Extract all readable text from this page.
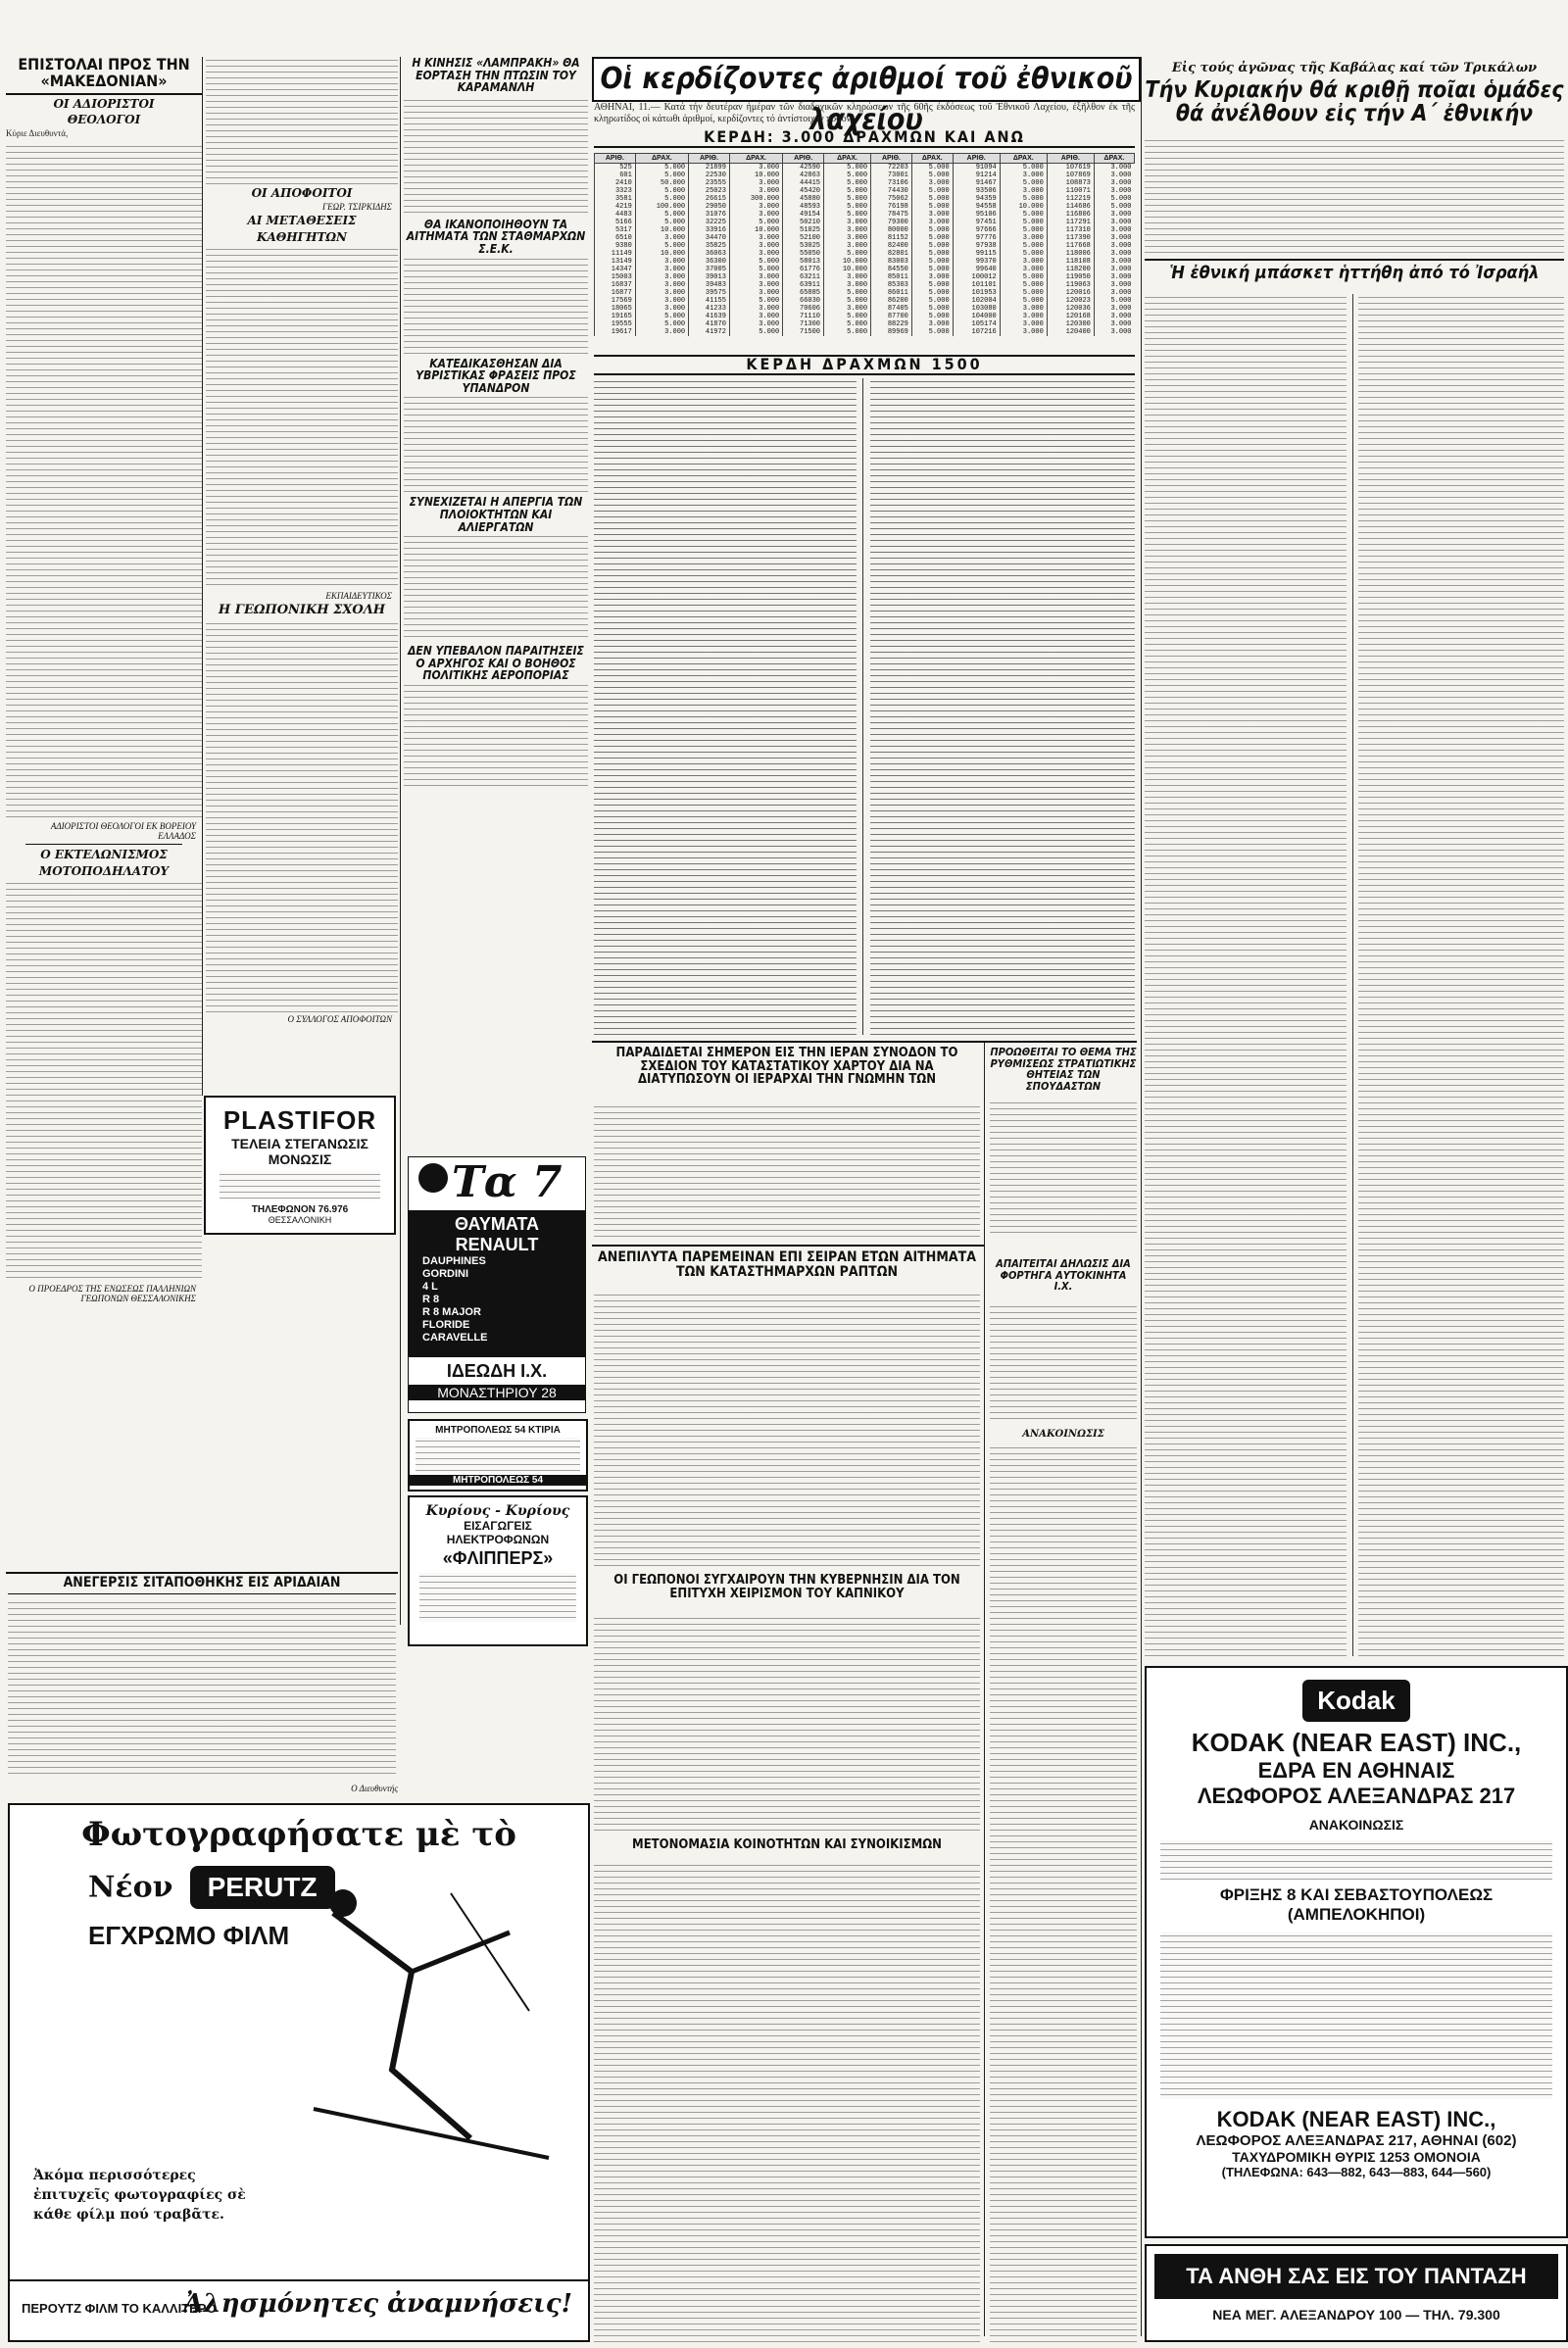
ΕΠΙΣΤΟΛΑΙ ΠΡΟΣ ΤΗΝ «ΜΑΚΕΔΟΝΙΑΝ»
ΟΙ ΑΔΙΟΡΙΣΤΟΙ
ΘΕΟΛΟΓΟΙ
Κύριε Διευθυντά,
ΑΔΙΟΡΙΣΤΟΙ ΘΕΟΛΟΓΟΙ ΕΚ ΒΟΡΕΙΟΥ ΕΛΛΑΔΟΣ
Ο ΕΚΤΕΛΩΝΙΣΜΟΣ
ΜΟΤΟΠΟΔΗΛΑΤΟΥ
Ο ΠΡΟΕΔΡΟΣ ΤΗΣ ΕΝΩΣΕΩΣ ΠΑΛΛΗΝΙΩΝ ΓΕΩΠΟΝΩΝ ΘΕΣΣΑΛΟΝΙΚΗΣ
PLASTIFOR
ΤΕΛΕΙΑ ΣΤΕΓΑΝΩΣΙΣ
ΜΟΝΩΣΙΣ
ΤΗΛΕΦΩΝΟΝ 76.976
ΘΕΣΣΑΛΟΝΙΚΗ
ΟΙ ΑΠΟΦΟΙΤΟΙ
ΓΕΩΡ. ΤΣΙΡΚΙΔΗΣ
ΑΙ ΜΕΤΑΘΕΣΕΙΣ
ΚΑΘΗΓΗΤΩΝ
ΕΚΠΑΙΔΕΥΤΙΚΟΣ
Η ΓΕΩΠΟΝΙΚΗ ΣΧΟΛΗ
Ο ΣΥΛΛΟΓΟΣ ΑΠΟΦΟΙΤΩΝ
Η ΚΙΝΗΣΙΣ «ΛΑΜΠΡΑΚΗ» ΘΑ ΕΟΡΤΑΣΗ ΤΗΝ ΠΤΩΣΙΝ ΤΟΥ ΚΑΡΑΜΑΝΛΗ
ΘΑ ΙΚΑΝΟΠΟΙΗΘΟΥΝ ΤΑ ΑΙΤΗΜΑΤΑ ΤΩΝ ΣΤΑΘΜΑΡΧΩΝ Σ.Ε.Κ.
ΚΑΤΕΔΙΚΑΣΘΗΣΑΝ ΔΙΑ ΥΒΡΙΣΤΙΚΑΣ ΦΡΑΣΕΙΣ ΠΡΟΣ ΥΠΑΝΔΡΟΝ
ΣΥΝΕΧΙΖΕΤΑΙ Η ΑΠΕΡΓΙΑ ΤΩΝ ΠΛΟΙΟΚΤΗΤΩΝ ΚΑΙ ΑΛΙΕΡΓΑΤΩΝ
ΔΕΝ ΥΠΕΒΑΛΟΝ ΠΑΡΑΙΤΗΣΕΙΣ Ο ΑΡΧΗΓΟΣ ΚΑΙ Ο ΒΟΗΘΟΣ ΠΟΛΙΤΙΚΗΣ ΑΕΡΟΠΟΡΙΑΣ
Τα 7
ΘΑΥΜΑΤΑ
RENAULT
DAUPHINES
GORDINI
4 L
R 8
R 8 MAJOR
FLORIDE
CARAVELLE
ΙΔΕΩΔΗ Ι.Χ.
ΜΟΝΑΣΤΗΡΙΟΥ 28
ΜΗΤΡΟΠΟΛΕΩΣ 54 ΚΤΙΡΙΑ
ΜΗΤΡΟΠΟΛΕΩΣ 54
Κυρίους - Κυρίους
ΕΙΣΑΓΩΓΕΙΣ
ΗΛΕΚΤΡΟΦΩΝΩΝ
«ΦΛΙΠΠΕΡΣ»
Οἱ κερδίζοντες ἀριθμοί τοῦ ἐθνικοῦ λαχείου
ΑΘΗΝΑΙ, 11.— Κατά τήν δευτέραν ἡμέραν τῶν διαδοχικῶν κληρώσεων τῆς 60ῆς ἐκδόσεως τοῦ Ἐθνικοῦ Λαχείου, ἐξῆλθον ἐκ τῆς κληρωτίδος οἱ κάτωθι ἀριθμοί, κερδίζοντες τό ἀντίστοιχον ποσόν:
ΚΕΡΔΗ: 3.000 ΔΡΑΧΜΩΝ ΚΑΙ ΑΝΩ
ΑΡΙΘ.	ΔΡΑΧ.	ΑΡΙΘ.	ΔΡΑΧ.	ΑΡΙΘ.	ΔΡΑΧ.	ΑΡΙΘ.	ΔΡΑΧ.	ΑΡΙΘ.	ΔΡΑΧ.	ΑΡΙΘ.	ΔΡΑΧ.
525	5.000	21899	3.000	42590	5.000	72203	5.000	91094	5.000	107619	3.000
601	5.000	22530	10.000	42863	5.000	73001	5.000	91214	3.000	107869	3.000
2410	50.000	23555	3.000	44415	5.000	73106	3.000	91467	5.000	108873	3.000
3323	5.000	25023	3.000	45420	5.000	74430	5.000	93506	3.000	110071	3.000
3581	5.000	26615	300.000	45880	5.000	75062	5.000	94359	5.000	112219	5.000
4219	100.000	29050	3.000	48593	5.000	76198	5.000	94558	10.000	114686	5.000
4483	5.000	31076	3.000	49154	5.000	78475	3.000	95106	5.000	116806	3.000
5166	5.000	32225	5.000	50210	3.000	79300	3.000	97451	5.000	117291	3.000
5317	10.000	33916	10.000	51025	3.000	80000	5.000	97666	5.000	117310	3.000
6510	3.000	34470	3.000	52100	3.000	81152	5.000	97776	3.000	117390	3.000
9380	5.000	35825	3.000	53025	3.000	82400	5.000	97938	5.000	117668	3.000
11149	10.000	36063	3.000	55050	5.000	82801	5.000	99115	5.000	118006	3.000
13149	3.000	36300	5.000	58013	10.000	83003	5.000	99370	3.000	118108	3.000
14347	3.000	37005	5.000	61776	10.000	84550	5.000	99640	3.000	118200	3.000
15003	3.000	39013	3.000	63211	3.000	85011	3.000	100012	5.000	119050	3.000
16837	3.000	39483	3.000	63911	3.000	85303	5.000	101101	5.000	119063	3.000
16877	3.000	39575	3.000	65885	5.000	86011	5.000	101953	5.000	120016	3.000
17569	3.000	41155	5.000	66030	5.000	86200	5.000	102004	5.000	120023	5.000
18065	3.000	41233	3.000	70606	3.000	87405	5.000	103080	3.000	120036	3.000
19165	5.000	41639	3.000	71110	5.000	87700	5.000	104000	3.000	120168	3.000
19555	5.000	41870	3.000	71300	5.000	88229	3.000	105174	3.000	120300	3.000
19617	3.000	41972	5.000	71500	5.000	89969	5.000	107216	3.000	120400	3.000
ΚΕΡΔΗ ΔΡΑΧΜΩΝ 1500
ΠΑΡΑΔΙΔΕΤΑΙ ΣΗΜΕΡΟΝ ΕΙΣ ΤΗΝ ΙΕΡΑΝ ΣΥΝΟΔΟΝ ΤΟ ΣΧΕΔΙΟΝ ΤΟΥ ΚΑΤΑΣΤΑΤΙΚΟΥ ΧΑΡΤΟΥ ΔΙΑ ΝΑ ΔΙΑΤΥΠΩΣΟΥΝ ΟΙ ΙΕΡΑΡΧΑΙ ΤΗΝ ΓΝΩΜΗΝ ΤΩΝ
ΠΡΟΩΘΕΙΤΑΙ ΤΟ ΘΕΜΑ ΤΗΣ ΡΥΘΜΙΣΕΩΣ ΣΤΡΑΤΙΩΤΙΚΗΣ ΘΗΤΕΙΑΣ ΤΩΝ ΣΠΟΥΔΑΣΤΩΝ
ΑΝΕΠΙΛΥΤΑ ΠΑΡΕΜΕΙΝΑΝ ΕΠΙ ΣΕΙΡΑΝ ΕΤΩΝ ΑΙΤΗΜΑΤΑ ΤΩΝ ΚΑΤΑΣΤΗΜΑΡΧΩΝ ΡΑΠΤΩΝ
ΑΠΑΙΤΕΙΤΑΙ ΔΗΛΩΣΙΣ ΔΙΑ ΦΟΡΤΗΓΑ ΑΥΤΟΚΙΝΗΤΑ Ι.Χ.
ΑΝΑΚΟΙΝΩΣΙΣ
ΟΙ ΓΕΩΠΟΝΟΙ ΣΥΓΧΑΙΡΟΥΝ ΤΗΝ ΚΥΒΕΡΝΗΣΙΝ ΔΙΑ ΤΟΝ ΕΠΙΤΥΧΗ ΧΕΙΡΙΣΜΟΝ ΤΟΥ ΚΑΠΝΙΚΟΥ
ΜΕΤΟΝΟΜΑΣΙΑ ΚΟΙΝΟΤΗΤΩΝ ΚΑΙ ΣΥΝΟΙΚΙΣΜΩΝ
ΑΝΕΓΕΡΣΙΣ ΣΙΤΑΠΟΘΗΚΗΣ ΕΙΣ ΑΡΙΔΑΙΑΝ
Ο Διευθυντής
Φωτογραφήσατε μὲ τὸ
Νέον PERUTZ
ΕΓΧΡΩΜΟ ΦΙΛΜ
Ἀκόμα περισσότερες ἐπιτυχεῖς φωτογραφίες σὲ κάθε φίλμ πού τραβᾶτε.
ΠΕΡΟΥΤΖ ΦΙΛΜ ΤΟ ΚΑΛΛΙΤΕΡΟ
Ἀλησμόνητες ἀναμνήσεις!
Εἰς τούς ἀγῶνας τῆς Καβάλας καί τῶν Τρικάλων
Τήν Κυριακήν θά κριθῇ ποῖαι ὁμάδες θά ἀνέλθουν εἰς τήν Α΄ ἐθνικήν
Ἡ ἐθνική μπάσκετ ἡττήθη ἀπό τό Ἰσραήλ
Kodak
KODAK (NEAR EAST) INC.,
ΕΔΡΑ ΕΝ ΑΘΗΝΑΙΣ
ΛΕΩΦΟΡΟΣ ΑΛΕΞΑΝΔΡΑΣ 217
ΑΝΑΚΟΙΝΩΣΙΣ
ΦΡΙΞΗΣ 8 ΚΑΙ ΣΕΒΑΣΤΟΥΠΟΛΕΩΣ
(ΑΜΠΕΛΟΚΗΠΟΙ)
KODAK (NEAR EAST) INC.,
ΛΕΩΦΟΡΟΣ ΑΛΕΞΑΝΔΡΑΣ 217, ΑΘΗΝΑΙ (602)
ΤΑΧΥΔΡΟΜΙΚΗ ΘΥΡΙΣ 1253 ΟΜΟΝΟΙΑ
(ΤΗΛΕΦΩΝΑ: 643—882, 643—883, 644—560)
ΤΑ ΑΝΘΗ ΣΑΣ ΕΙΣ ΤΟΥ ΠΑΝΤΑΖΗ
ΝΕΑ ΜΕΓ. ΑΛΕΞΑΝΔΡΟΥ 100 — ΤΗΛ. 79.300
